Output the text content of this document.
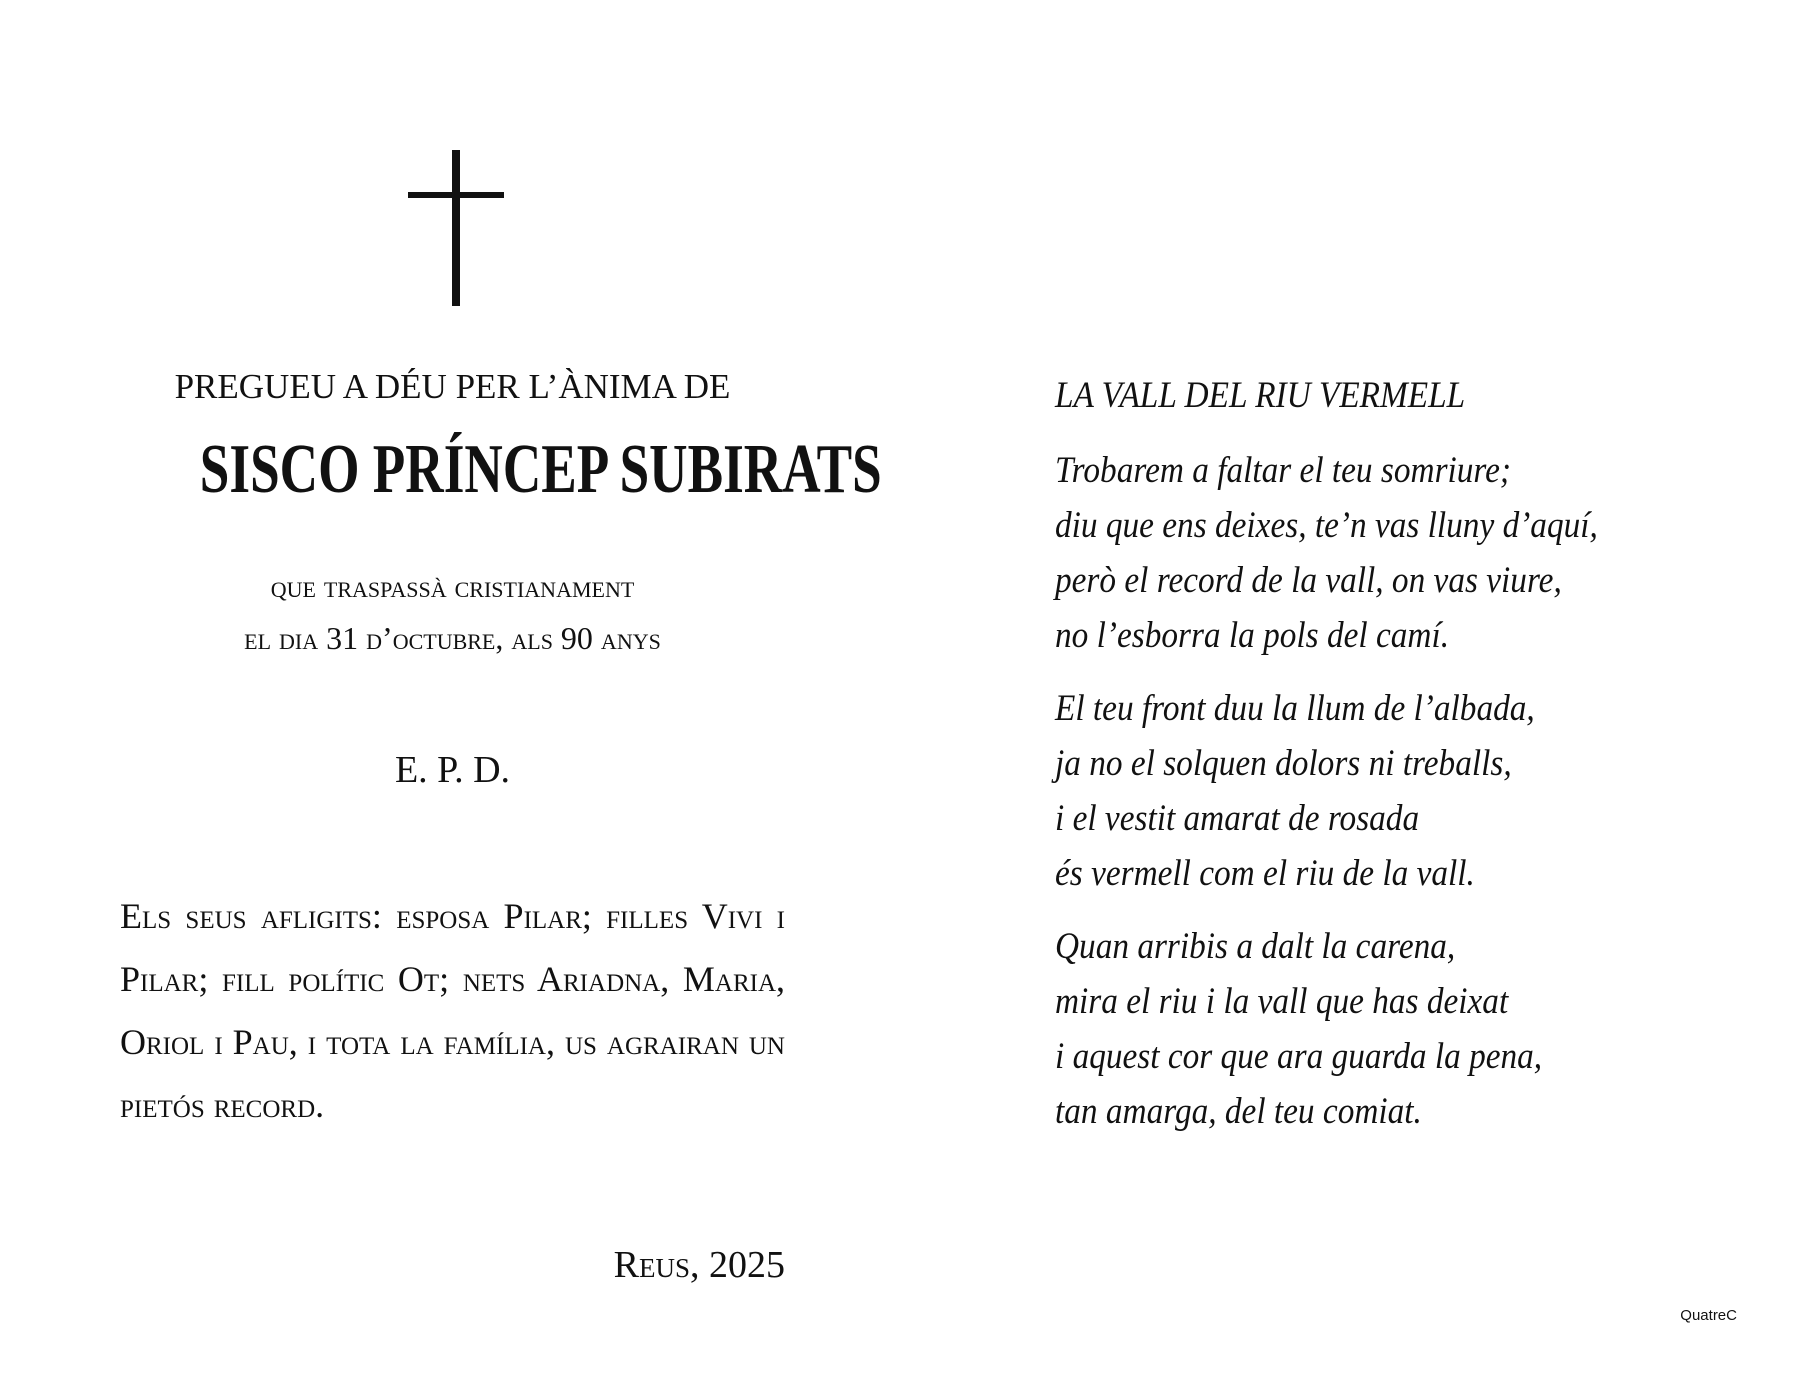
PREGUEU A DÉU PER L’ÀNIMA DE
SISCO PRÍNCEP SUBIRATS
que traspassà cristianament
el dia 31 d’octubre, als 90 anys
E. P. D.
Els seus afligits: esposa Pilar; filles Vivi i Pilar; fill polític Ot; nets Ariadna, Maria, Oriol i Pau, i tota la família, us agrairan un pietós record.
Reus, 2025
LA VALL DEL RIU VERMELL
Trobarem a faltar el teu somriure;
diu que ens deixes, te’n vas lluny d’aquí,
però el record de la vall, on vas viure,
no l’esborra la pols del camí.
El teu front duu la llum de l’albada,
ja no el solquen dolors ni treballs,
i el vestit amarat de rosada
és vermell com el riu de la vall.
Quan arribis a dalt la carena,
mira el riu i la vall que has deixat
i aquest cor que ara guarda la pena,
tan amarga, del teu comiat.
QuatreC
